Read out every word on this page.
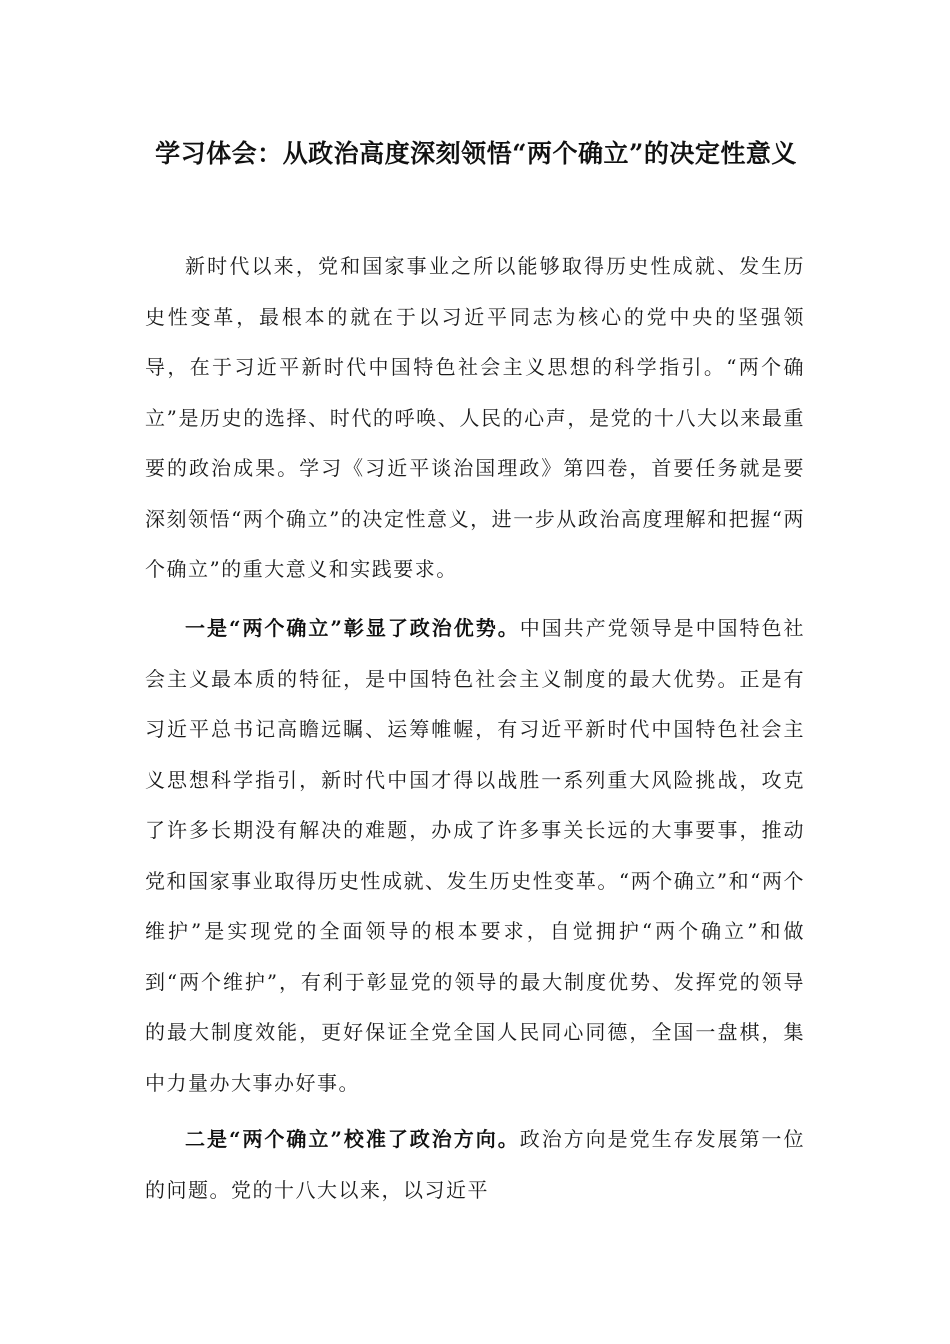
学习体会：从政治高度深刻领悟“两个确立”的决定性意义

新时代以来，党和国家事业之所以能够取得历史性成就、发生历史性变革，最根本的就在于以习近平同志为核心的党中央的坚强领导，在于习近平新时代中国特色社会主义思想的科学指引。“两个确立”是历史的选择、时代的呼唤、人民的心声，是党的十八大以来最重要的政治成果。学习《习近平谈治国理政》第四卷，首要任务就是要深刻领悟“两个确立”的决定性意义，进一步从政治高度理解和把握“两个确立”的重大意义和实践要求。

一是“两个确立”彰显了政治优势。中国共产党领导是中国特色社会主义最本质的特征，是中国特色社会主义制度的最大优势。正是有习近平总书记高瞻远瞩、运筹帷幄，有习近平新时代中国特色社会主义思想科学指引，新时代中国才得以战胜一系列重大风险挑战，攻克了许多长期没有解决的难题，办成了许多事关长远的大事要事，推动党和国家事业取得历史性成就、发生历史性变革。“两个确立”和“两个维护”是实现党的全面领导的根本要求，自觉拥护“两个确立”和做到“两个维护”，有利于彰显党的领导的最大制度优势、发挥党的领导的最大制度效能，更好保证全党全国人民同心同德，全国一盘棋，集中力量办大事办好事。

二是“两个确立”校准了政治方向。政治方向是党生存发展第一位的问题。党的十八大以来，以习近平
